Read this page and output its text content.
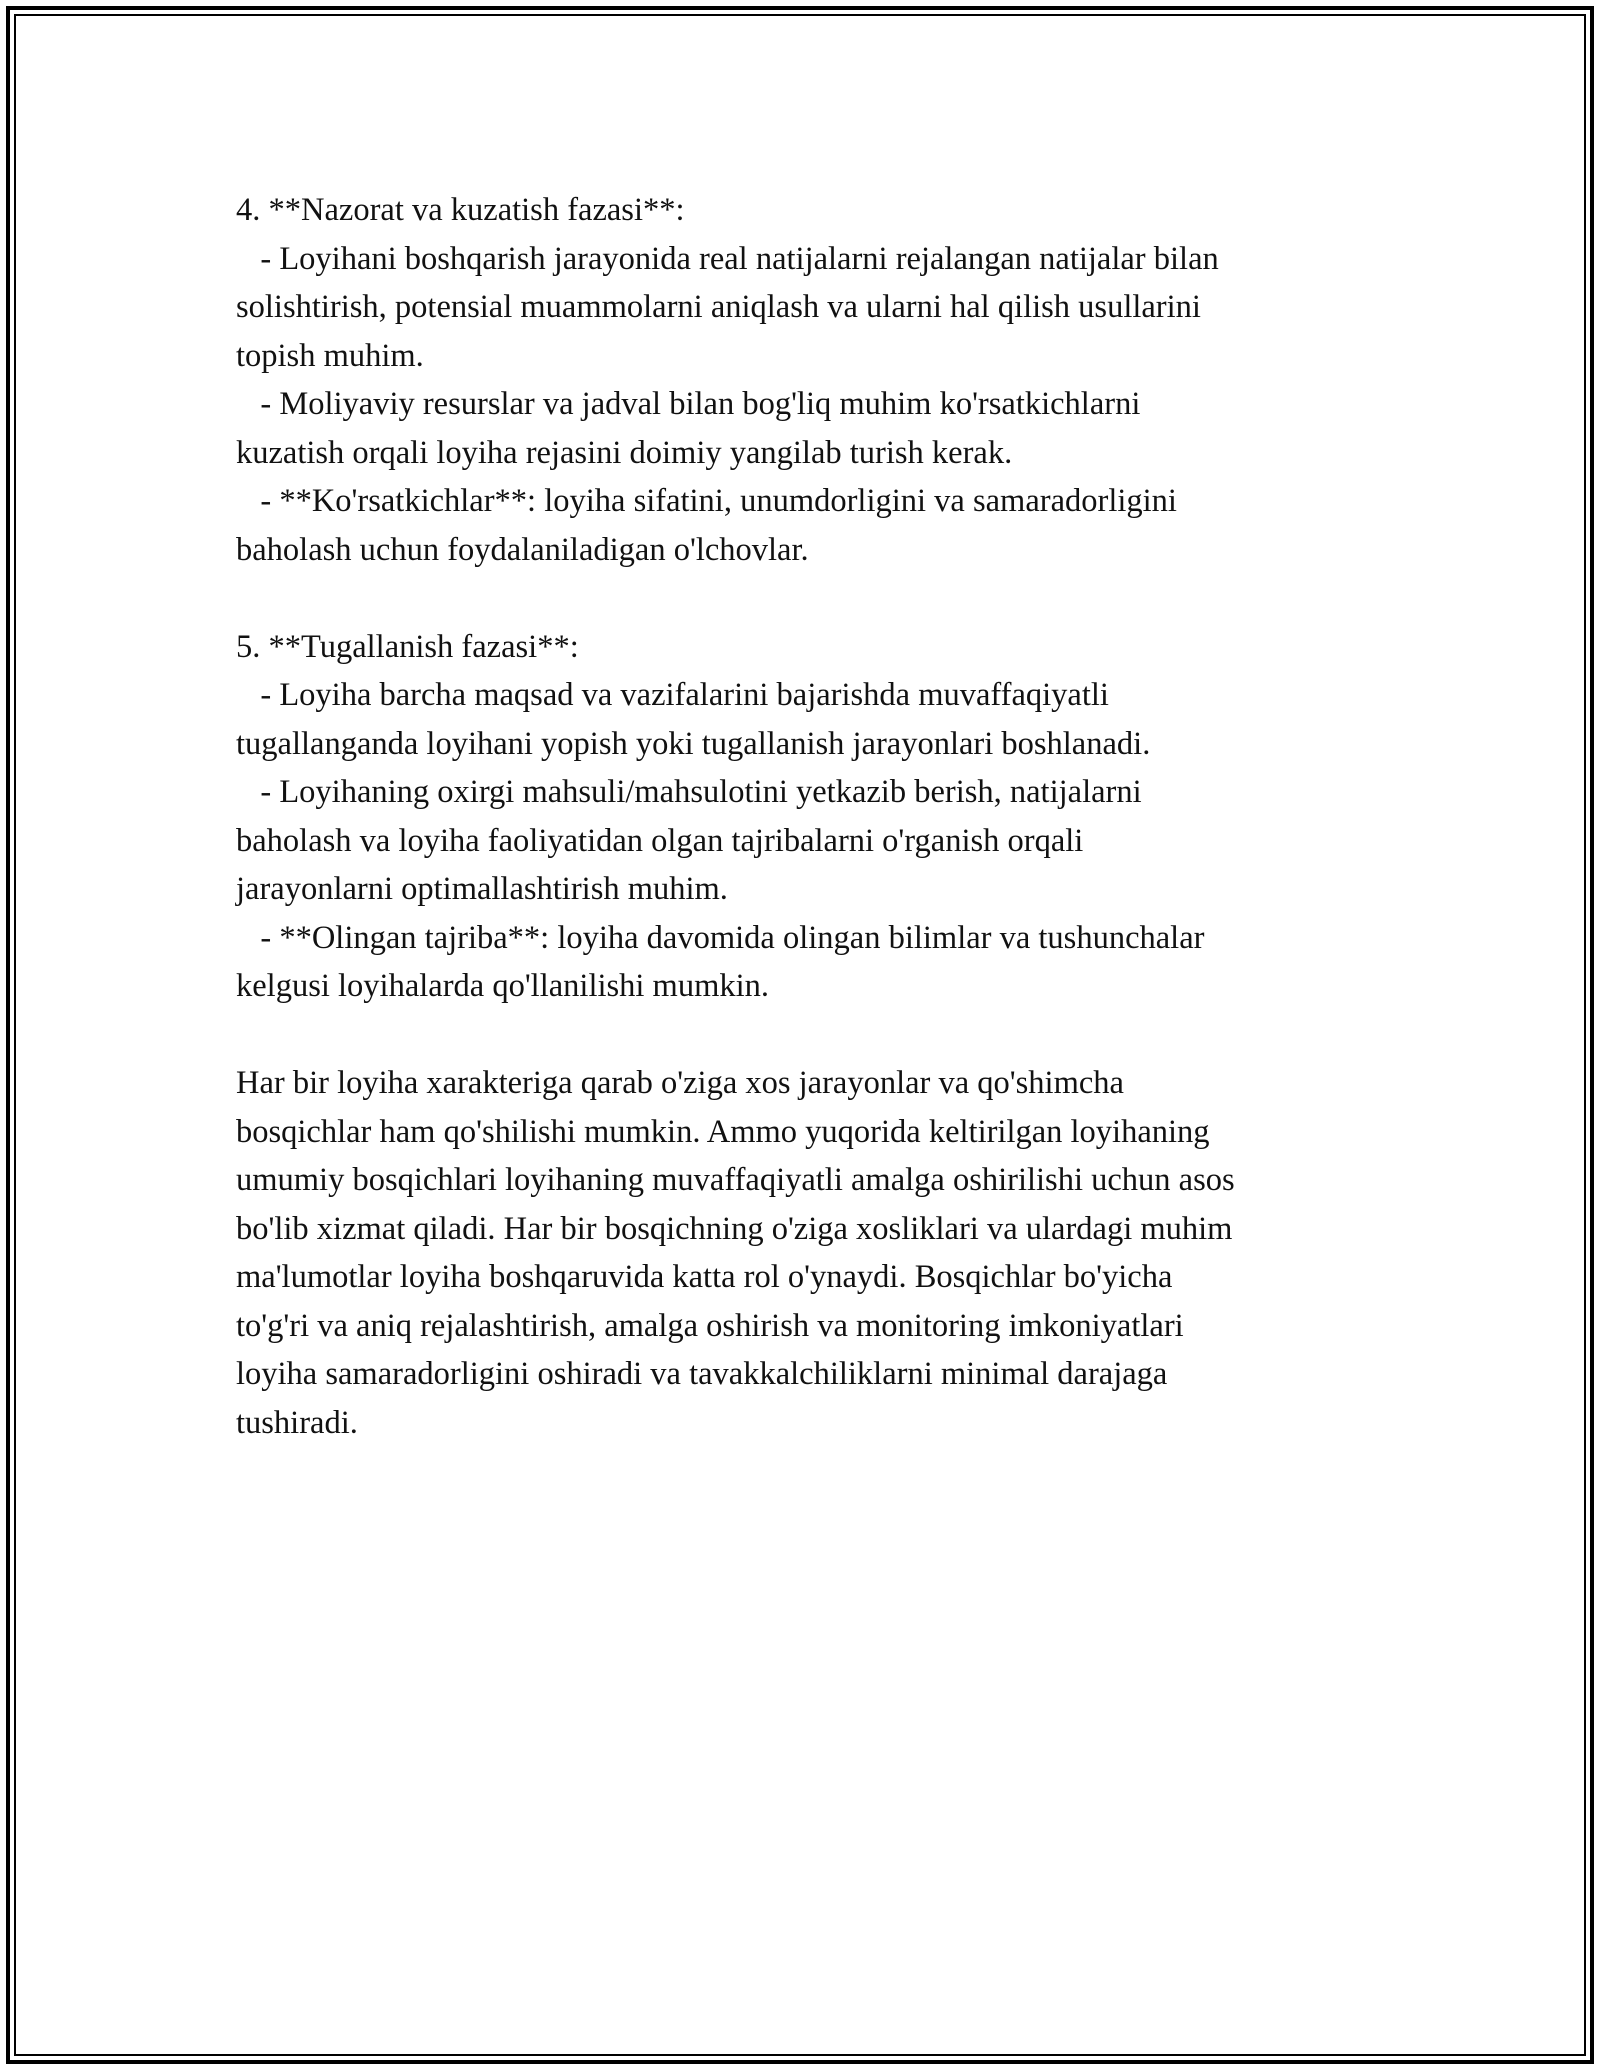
4. **Nazorat va kuzatish fazasi**:
- Loyihani boshqarish jarayonida real natijalarni rejalangan natijalar bilan
solishtirish, potensial muammolarni aniqlash va ularni hal qilish usullarini
topish muhim.
- Moliyaviy resurslar va jadval bilan bog'liq muhim ko'rsatkichlarni
kuzatish orqali loyiha rejasini doimiy yangilab turish kerak.
- **Ko'rsatkichlar**: loyiha sifatini, unumdorligini va samaradorligini
baholash uchun foydalaniladigan o'lchovlar.
5. **Tugallanish fazasi**:
- Loyiha barcha maqsad va vazifalarini bajarishda muvaffaqiyatli
tugallanganda loyihani yopish yoki tugallanish jarayonlari boshlanadi.
- Loyihaning oxirgi mahsuli/mahsulotini yetkazib berish, natijalarni
baholash va loyiha faoliyatidan olgan tajribalarni o'rganish orqali
jarayonlarni optimallashtirish muhim.
- **Olingan tajriba**: loyiha davomida olingan bilimlar va tushunchalar
kelgusi loyihalarda qo'llanilishi mumkin.
Har bir loyiha xarakteriga qarab o'ziga xos jarayonlar va qo'shimcha
bosqichlar ham qo'shilishi mumkin. Ammo yuqorida keltirilgan loyihaning
umumiy bosqichlari loyihaning muvaffaqiyatli amalga oshirilishi uchun asos
bo'lib xizmat qiladi. Har bir bosqichning o'ziga xosliklari va ulardagi muhim
ma'lumotlar loyiha boshqaruvida katta rol o'ynaydi. Bosqichlar bo'yicha
to'g'ri va aniq rejalashtirish, amalga oshirish va monitoring imkoniyatlari
loyiha samaradorligini oshiradi va tavakkalchiliklarni minimal darajaga
tushiradi.
